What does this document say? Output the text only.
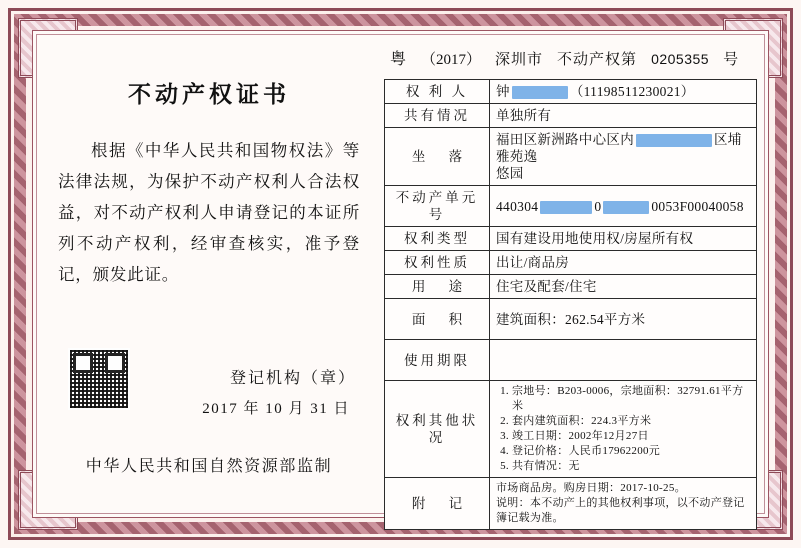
不动产权证书
根据《中华人民共和国物权法》等法律法规，为保护不动产权利人合法权益，对不动产权利人申请登记的本证所列不动产权利，经审查核实，准予登记，颁发此证。
登记机构（章）
2017 年 10 月 31 日
中华人民共和国自然资源部监制
粤 （2017） 深圳市 不动产权第 0205355 号
权 利 人	钟 （11198511230021）
共有情况	单独所有
坐 落	福田区新洲路中心区内 区埔雅苑逸
悠园
不动产单元号	440304 0 0053F00040058
权利类型	国有建设用地使用权/房屋所有权
权利性质	出让/商品房
用 途	住宅及配套/住宅
面 积	建筑面积：262.54平方米
使用期限	
权利其他状况	
1. 宗地号：B203-0006，宗地面积：32791.61平方米
2. 套内建筑面积：224.3平方米
3. 竣工日期：2002年12月27日
4. 登记价格：人民币17962200元
5. 共有情况：无

附 记	市场商品房。购房日期：2017-10-25。
说明：本不动产上的其他权利事项，以不动产登记簿记载为准。
